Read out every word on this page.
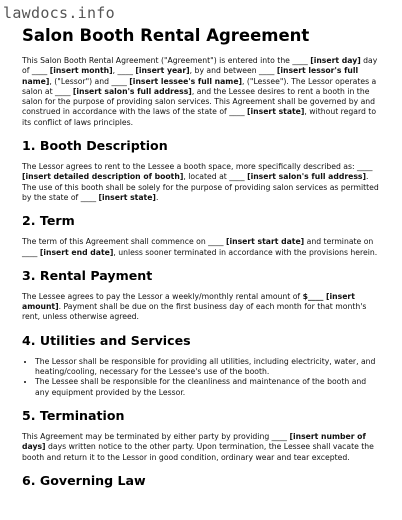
lawdocs.info
Salon Booth Rental Agreement

This Salon Booth Rental Agreement ("Agreement") is entered into the ____ [insert day] day of ____ [insert month], ____ [insert year], by and between ____ [insert lessor's full name], ("Lessor") and ____ [insert lessee's full name], ("Lessee"). The Lessor operates a salon at ____ [insert salon's full address], and the Lessee desires to rent a booth in the salon for the purpose of providing salon services. This Agreement shall be governed by and construed in accordance with the laws of the state of ____ [insert state], without regard to its conflict of laws principles.

1. Booth Description

The Lessor agrees to rent to the Lessee a booth space, more specifically described as: ____ [insert detailed description of booth], located at ____ [insert salon's full address]. The use of this booth shall be solely for the purpose of providing salon services as permitted by the state of ____ [insert state].

2. Term

The term of this Agreement shall commence on ____ [insert start date] and terminate on ____ [insert end date], unless sooner terminated in accordance with the provisions herein.

3. Rental Payment

The Lessee agrees to pay the Lessor a weekly/monthly rental amount of $____ [insert amount]. Payment shall be due on the first business day of each month for that month's rent, unless otherwise agreed.

4. Utilities and Services
• The Lessor shall be responsible for providing all utilities, including electricity, water, and heating/cooling, necessary for the Lessee's use of the booth.
• The Lessee shall be responsible for the cleanliness and maintenance of the booth and any equipment provided by the Lessor.
5. Termination

This Agreement may be terminated by either party by providing ____ [insert number of days] days written notice to the other party. Upon termination, the Lessee shall vacate the booth and return it to the Lessor in good condition, ordinary wear and tear excepted.

6. Governing Law
